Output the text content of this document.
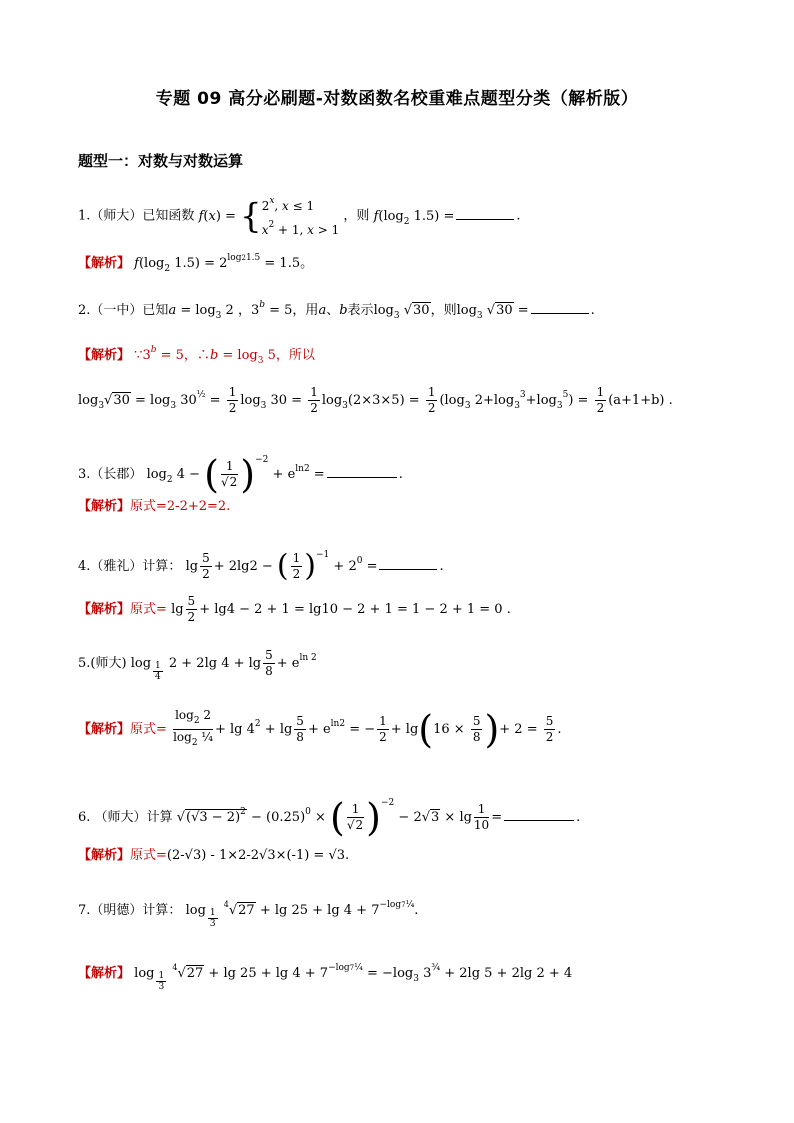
专题 09 高分必刷题-对数函数名校重难点题型分类（解析版）
题型一：对数与对数运算
1.（师大）已知函数 f(x) = { 2$^x$, x ≤ 1
$x^2 + 1$, x > 1
，则 $f(\log_2$ 1.5) =	.
【解析】 $f(\log_2$ $1.5) = 2^{log21.5} = 1.5$。
2.（一中）已知$a = \log_3 2$ ，$3^b = 5$，用a、b表示$\log_3 √30$，则$\log_3 √30$ =	.
【解析】 $\because 3^b = 5$，∴b = $\log_3 5$，所以
$\log_3√30 = \log_3 30^{\frac{1}{2}} = \frac{1}{2} \log_3 30 = \frac{1}{2} \log_3(2\times 3\times 5) = \frac{1}{2} (\log_3$ $2+\log_3^3+\log_3^5) = \frac{1}{2} (a+1+b)$ .
3.（长郡） $\log_2 4$ − ( $\frac{1}{√2} )^{-2} + e^{ln2}$ =	.
【解析】原式=2-2+2=2.
4.（雅礼）计算： $\lg \frac{5}{2} + 2\lg 2$ − ( $\frac{1}{2} )^{-1} + 2^0$ =	.
【解析】原式= $\lg \frac{5}{2} + \lg 4 - 2 + 1 = \lg 10 - 2 + 1 = 1 - 2 + 1 = 0$ .
5.(师大) log $_{\frac{1}{4}}$ 2 + 2lg $4 + \lg \frac{5}{8} + e^{ln 2}$
【解析】原式= $\frac{\log_2 2}{\log_2 \frac{1}{4}} + \lg 4^2 + \lg \frac{5}{8} + e^{ln2}$ = − $\frac{1}{2} + \lg(16 \times \frac{5}{8}$ )+ $2 = \frac{5}{2}$ .
6. （师大）计算 $√(√3 - 2)^2 - (0.25)^0$ × ( $\frac{1}{√2} )^{-2} - 2√3 \times \lg \frac{1}{10}$ =	.
【解析】原式=(2-√3) - 1×2-2√3×(-1) = √3.
7.（明德）计算： log $_{\frac{1}{3}}$
$^4√27 + \lg 25 + \lg 4 + 7^{-log7\frac{1}{4}}$.
【解析】 log $_{\frac{1}{3}}$
$^4√27 + \lg 25 + \lg 4 + 7^{-log7\frac{1}{4}} = -\log_3$ $3^{\frac{3}{4}} + 2\lg$ 5 + 2lg 2 + 4
